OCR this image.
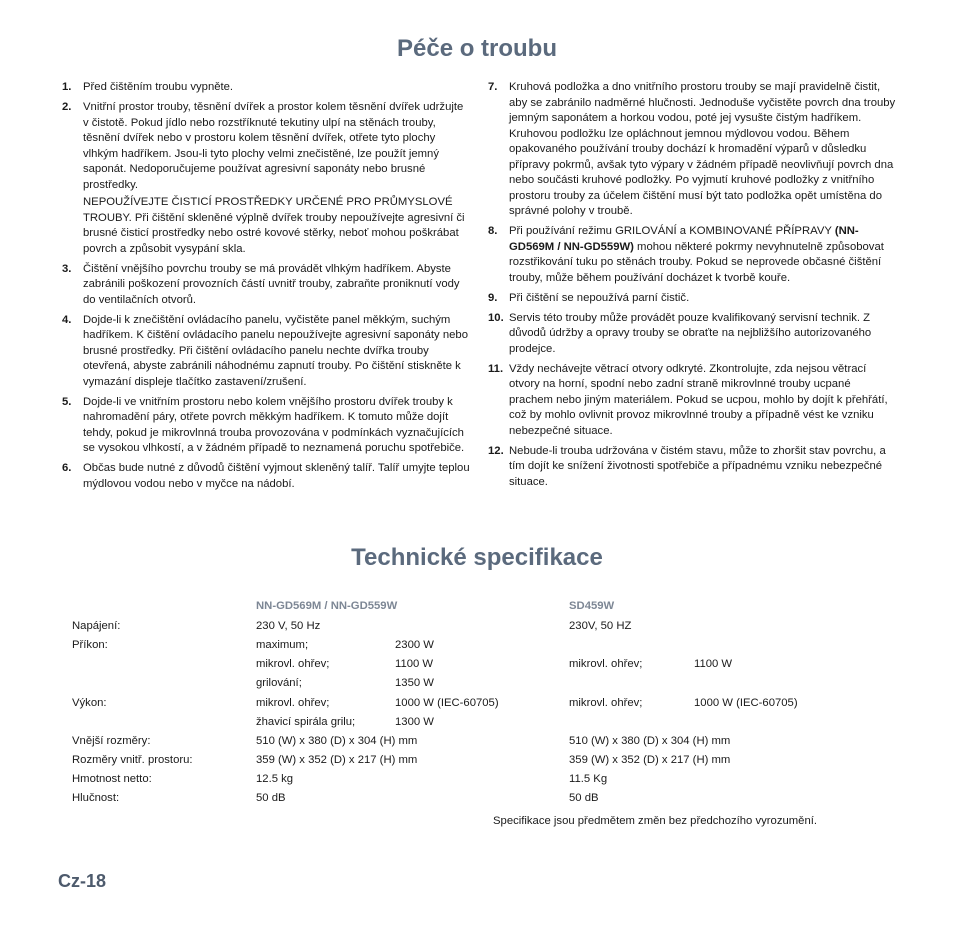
Péče o troubu
1.	Před čištěním troubu vypněte.

2.	Vnitřní prostor trouby, těsnění dvířek a prostor kolem těsnění dvířek udržujte v čistotě. Pokud jídlo nebo rozstříknuté tekutiny ulpí na stěnách trouby, těsnění dvířek nebo v prostoru kolem těsnění dvířek, otřete tyto plochy vlhkým hadříkem. Jsou-li tyto plochy velmi znečistěné, lze použít jemný saponát. Nedoporučujeme používat agresivní saponáty nebo brusné prostředky.

NEPOUŽÍVEJTE ČISTICÍ PROSTŘEDKY URČENÉ PRO PRŮMYSLOVÉ TROUBY. Při čištění skleněné výplně dvířek trouby nepoužívejte agresivní či brusné čisticí prostředky nebo ostré kovové stěrky, neboť mohou poškrábat povrch a způsobit vysypání skla.

3.	Čištění vnějšího povrchu trouby se má provádět vlhkým hadříkem. Abyste zabránili poškození provozních částí uvnitř trouby, zabraňte proniknutí vody do ventilačních otvorů.

4.	Dojde-li k znečištění ovládacího panelu, vyčistěte panel měkkým, suchým hadříkem. K čištění ovládacího panelu nepoužívejte agresivní saponáty nebo brusné prostředky. Při čištění ovládacího panelu nechte dvířka trouby otevřená, abyste zabránili náhodnému zapnutí trouby. Po čištění stiskněte k vymazání displeje tlačítko zastavení/zrušení.

5.	Dojde-li ve vnitřním prostoru nebo kolem vnějšího prostoru dvířek trouby k nahromadění páry, otřete povrch měkkým hadříkem. K tomuto může dojít tehdy, pokud je mikrovlnná trouba provozována v podmínkách vyznačujících se vysokou vlhkostí, a v žádném případě to neznamená poruchu spotřebiče.

6.	Občas bude nutné z důvodů čištění vyjmout skleněný talíř. Talíř umyjte teplou mýdlovou vodou nebo v myčce na nádobí.

7.	Kruhová podložka a dno vnitřního prostoru trouby se mají pravidelně čistit, aby se zabránilo nadměrné hlučnosti. Jednoduše vyčistěte povrch dna trouby jemným saponátem a horkou vodou, poté jej vysušte čistým hadříkem. Kruhovou podložku lze opláchnout jemnou mýdlovou vodou. Během opakovaného používání trouby dochází k hromadění výparů v důsledku přípravy pokrmů, avšak tyto výpary v žádném případě neovlivňují povrch dna nebo součásti kruhové podložky. Po vyjmutí kruhové podložky z vnitřního prostoru trouby za účelem čištění musí být tato podložka opět umístěna do správné polohy v troubě.

8.	Při používání režimu GRILOVÁNÍ a KOMBINOVANÉ PŘÍPRAVY (NN-GD569M / NN-GD559W) mohou některé pokrmy nevyhnutelně způsobovat rozstřikování tuku po stěnách trouby. Pokud se neprovede občasné čištění trouby, může během používání docházet k tvorbě kouře.

9.	Při čištění se nepoužívá parní čistič.

10. Servis této trouby může provádět pouze kvalifikovaný servisní technik. Z důvodů údržby a opravy trouby se obraťte na nejbližšího autorizovaného prodejce.

11. Vždy nechávejte větrací otvory odkryté. Zkontrolujte, zda nejsou větrací otvory na horní, spodní nebo zadní straně mikrovlnné trouby ucpané prachem nebo jiným materiálem. Pokud se ucpou, mohlo by dojít k přehřátí, což by mohlo ovlivnit provoz mikrovlnné trouby a případně vést ke vzniku nebezpečné situace.

12. Nebude-li trouba udržována v čistém stavu, může to zhoršit stav povrchu, a tím dojít ke snížení životnosti spotřebiče a případnému vzniku nebezpečné situace.

Technické specifikace
NN-GD569M / NN-GD559W	SD459W
Napájení:	230 V, 50 Hz	230V, 50 HZ
Příkon:	maximum;	2300 W
mikrovl. ohřev;	1100 W	mikrovl. ohřev;	1100 W
grilování;	1350 W
Výkon:	mikrovl. ohřev;	1000 W (IEC-60705)	mikrovl. ohřev;	1000 W (IEC-60705)
žhavicí spirála grilu;	1300 W
Vnější rozměry:	510 (W) x 380 (D) x 304 (H) mm	510 (W) x 380 (D) x 304 (H) mm
Rozměry vnitř. prostoru:	359 (W) x 352 (D) x 217 (H) mm	359 (W) x 352 (D) x 217 (H) mm
Hmotnost netto:	12.5 kg	11.5 Kg
Hlučnost:	50 dB	50 dB
Specifikace jsou předmětem změn bez předchozího vyrozumění.
Cz-18
